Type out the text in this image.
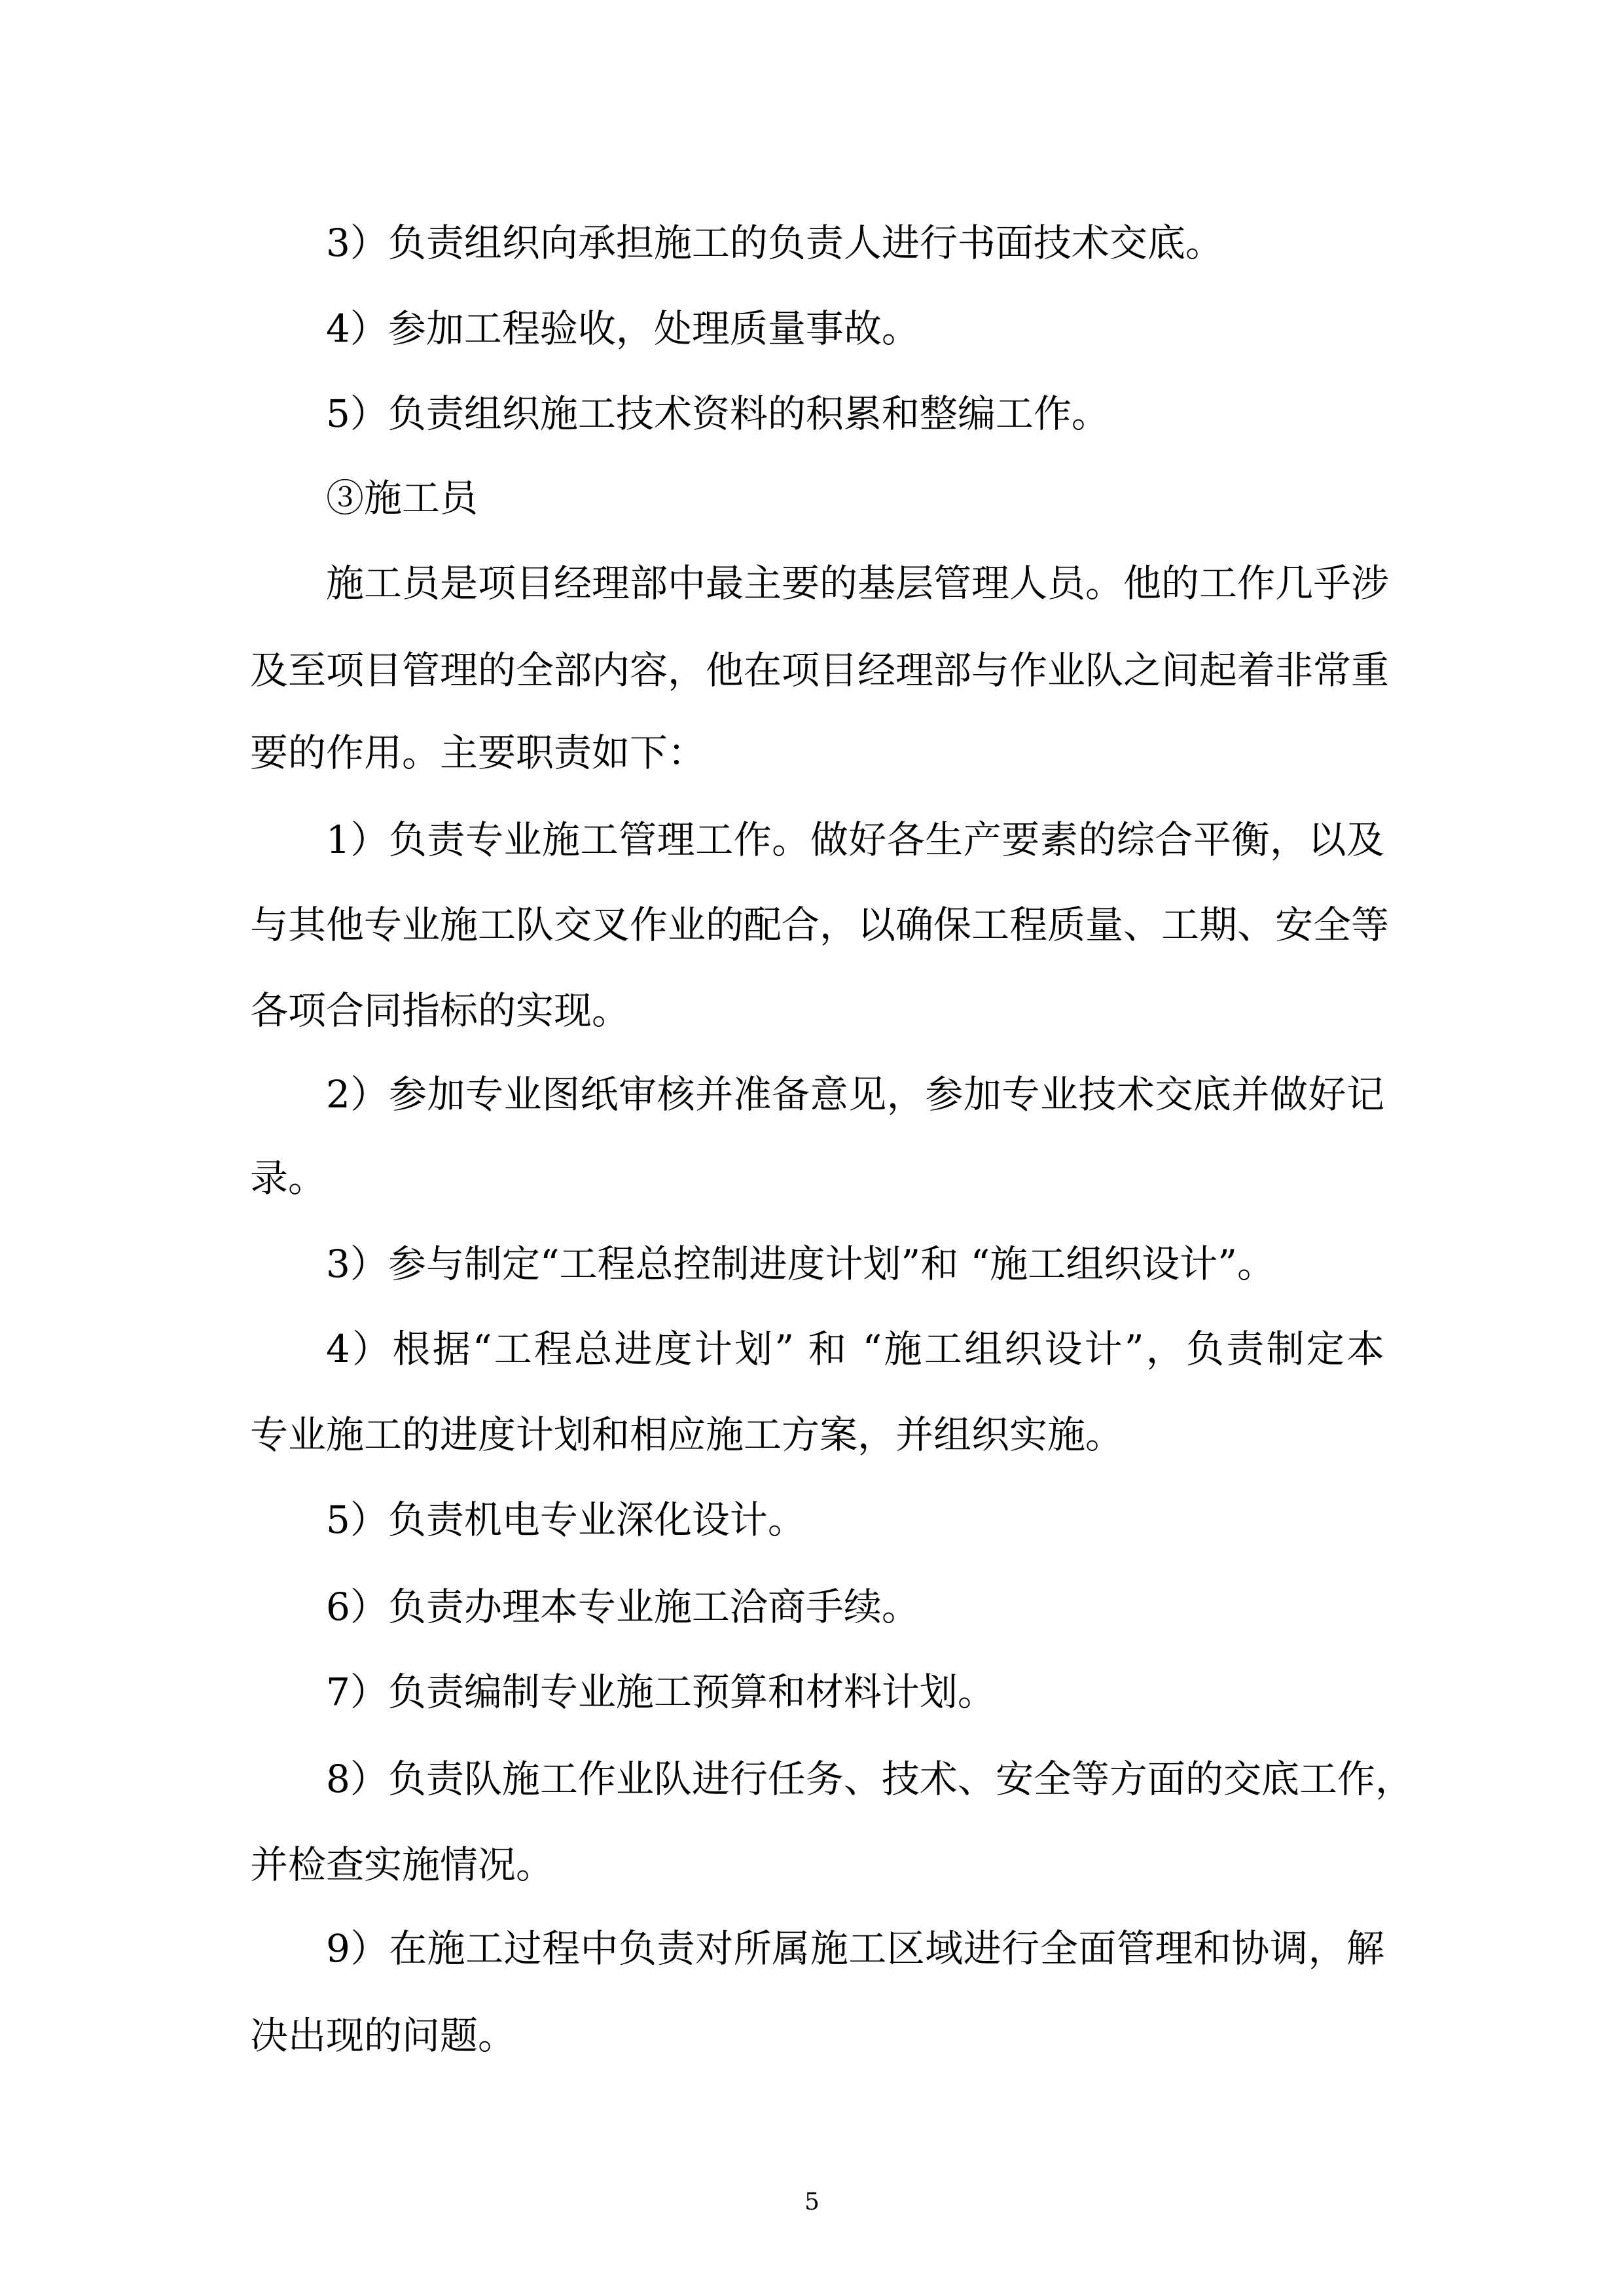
3）负责组织向承担施工的负责人进行书面技术交底。
4）参加工程验收，处理质量事故。
5）负责组织施工技术资料的积累和整编工作。
③施工员
施工员是项目经理部中最主要的基层管理人员。他的工作几乎涉
及至项目管理的全部内容，他在项目经理部与作业队之间起着非常重
要的作用。主要职责如下：
1）负责专业施工管理工作。做好各生产要素的综合平衡，以及
与其他专业施工队交叉作业的配合，以确保工程质量、工期、安全等
各项合同指标的实现。
2）参加专业图纸审核并准备意见，参加专业技术交底并做好记
录。
3）参与制定“工程总控制进度计划”和 “施工组织设计”。
4）根据“工程总进度计划” 和 “施工组织设计”，负责制定本
专业施工的进度计划和相应施工方案，并组织实施。
5）负责机电专业深化设计。
6）负责办理本专业施工洽商手续。
7）负责编制专业施工预算和材料计划。
8）负责队施工作业队进行任务、技术、安全等方面的交底工作，
并检查实施情况。
9）在施工过程中负责对所属施工区域进行全面管理和协调，解
决出现的问题。
5
